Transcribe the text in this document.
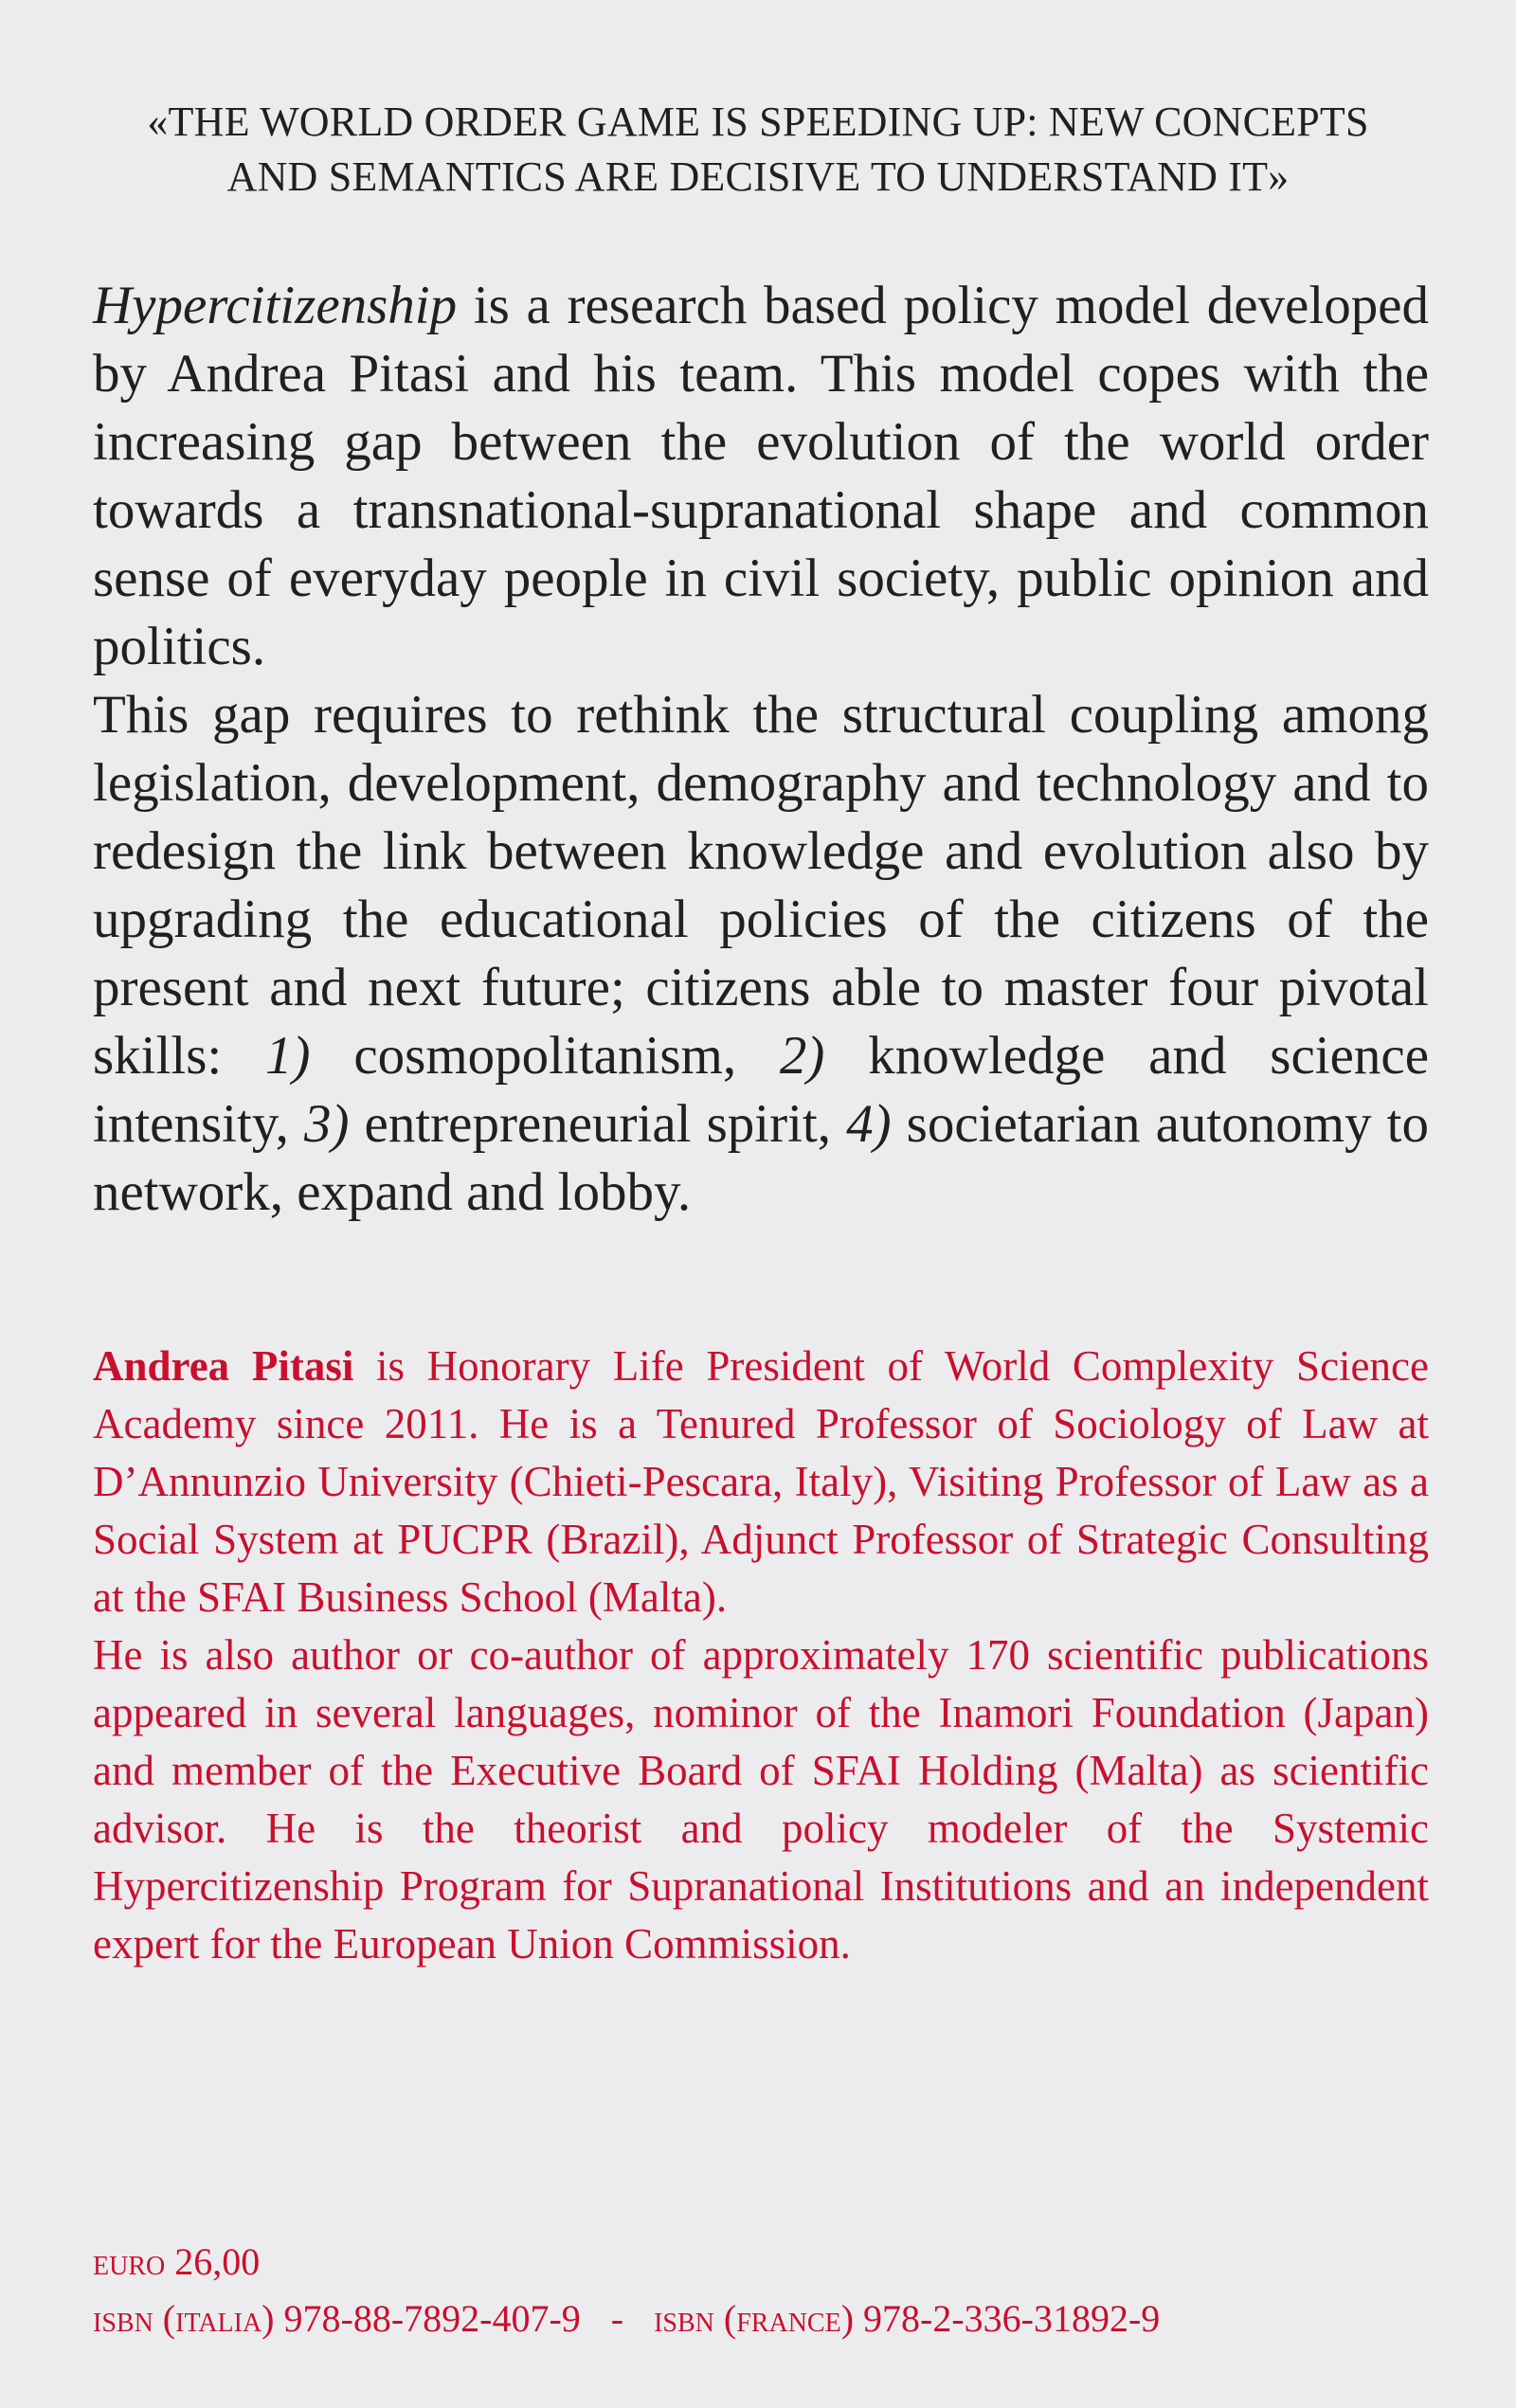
«THE WORLD ORDER GAME IS SPEEDING UP: NEW CONCEPTS
AND SEMANTICS ARE DECISIVE TO UNDERSTAND IT»

Hypercitizenship is a research based policy model developed by Andrea Pitasi and his team. This model copes with the increasing gap between the evolution of the world order towards a transnational-supranational shape and common sense of everyday people in civil society, public opinion and politics.

This gap requires to rethink the structural coupling among legislation, development, demography and technology and to redesign the link between knowledge and evolution also by upgrading the educational policies of the citizens of the present and next future; citizens able to master four pivotal skills: 1) cosmopolitanism, 2) knowledge and science intensity, 3) entrepreneurial spirit, 4) societarian autonomy to network, expand and lobby.

Andrea Pitasi is Honorary Life President of World Complexity Science Academy since 2011. He is a Tenured Professor of Sociology of Law at D’Annunzio University (Chieti-Pescara, Italy), Visiting Professor of Law as a Social System at PUCPR (Brazil), Adjunct Professor of Strategic Consulting at the SFAI Business School (Malta).

He is also author or co-author of approximately 170 scientific publications appeared in several languages, nominor of the Inamori Foundation (Japan) and member of the Executive Board of SFAI Holding (Malta) as scientific advisor. He is the theorist and policy modeler of the Systemic Hypercitizenship Program for Supranational Institutions and an independent expert for the European Union Commission.

euro 26,00
isbn (italia) 978-88-7892-407-9 - isbn (france) 978-2-336-31892-9
